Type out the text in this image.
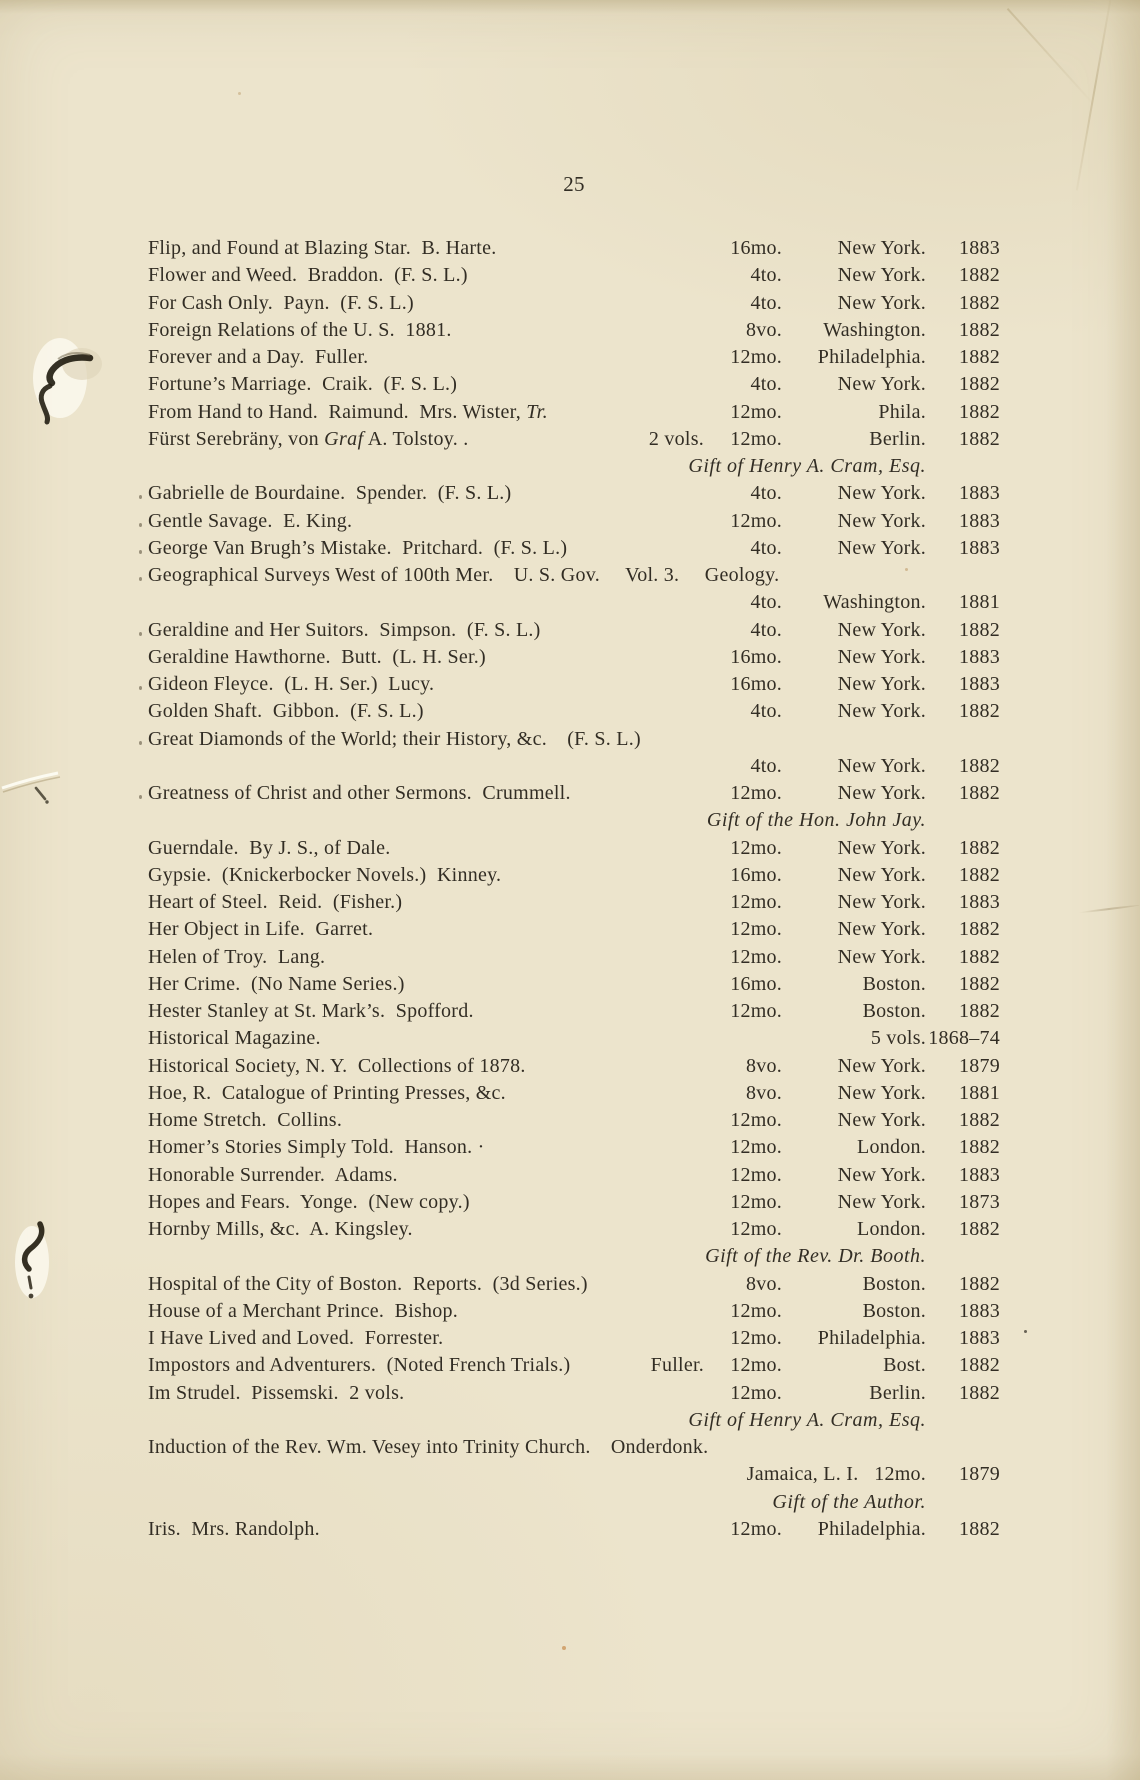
25
Flip, and Found at Blazing Star.  B. Harte.	16mo.	New York.	1883
Flower and Weed.  Braddon.  (F. S. L.)	4to.	New York.	1882
For Cash Only.  Payn.  (F. S. L.)	4to.	New York.	1882
Foreign Relations of the U. S.  1881.	8vo.	Washington.	1882
Forever and a Day.  Fuller.	12mo.	Philadelphia.	1882
Fortune’s Marriage.  Craik.  (F. S. L.)	4to.	New York.	1882
From Hand to Hand.  Raimund.  Mrs. Wister, Tr.	12mo.	Phila.	1882
Fürst Serebräny, von Graf A. Tolstoy. .	2 vols.	12mo.	Berlin.	1882
Gift of Henry A. Cram, Esq.
Gabrielle de Bourdaine.  Spender.  (F. S. L.)	4to.	New York.	1883
Gentle Savage.  E. King.	12mo.	New York.	1883
George Van Brugh’s Mistake.  Pritchard.  (F. S. L.)	4to.	New York.	1883
Geographical Surveys West of 100th Mer. U. S. Gov.  Vol. 3.  Geology.
4to.	Washington.	1881
Geraldine and Her Suitors.  Simpson.  (F. S. L.)	4to.	New York.	1882
Geraldine Hawthorne.  Butt.  (L. H. Ser.)	16mo.	New York.	1883
Gideon Fleyce.  (L. H. Ser.)  Lucy.	16mo.	New York.	1883
Golden Shaft.  Gibbon.  (F. S. L.)	4to.	New York.	1882
Great Diamonds of the World; their History, &c. (F. S. L.)
4to.	New York.	1882
Greatness of Christ and other Sermons.  Crummell.	12mo.	New York.	1882
Gift of the Hon. John Jay.
Guerndale.  By J. S., of Dale.	12mo.	New York.	1882
Gypsie.  (Knickerbocker Novels.)  Kinney.	16mo.	New York.	1882
Heart of Steel.  Reid.  (Fisher.)	12mo.	New York.	1883
Her Object in Life.  Garret.	12mo.	New York.	1882
Helen of Troy.  Lang.	12mo.	New York.	1882
Her Crime.  (No Name Series.)	16mo.	Boston.	1882
Hester Stanley at St. Mark’s.  Spofford.	12mo.	Boston.	1882
Historical Magazine.	5 vols. 1868–74
Historical Society, N. Y.  Collections of 1878.	8vo.	New York.	1879
Hoe, R.  Catalogue of Printing Presses, &c.	8vo.	New York.	1881
Home Stretch.  Collins.	12mo.	New York.	1882
Homer’s Stories Simply Told.  Hanson. ·	12mo.	London.	1882
Honorable Surrender.  Adams.	12mo.	New York.	1883
Hopes and Fears.  Yonge.  (New copy.)	12mo.	New York.	1873
Hornby Mills, &c.  A. Kingsley.	12mo.	London.	1882
Gift of the Rev. Dr. Booth.
Hospital of the City of Boston.  Reports.  (3d Series.)	8vo.	Boston.	1882
House of a Merchant Prince.  Bishop.	12mo.	Boston.	1883
I Have Lived and Loved.  Forrester.	12mo.	Philadelphia.	1883
Impostors and Adventurers.  (Noted French Trials.)	Fuller.	12mo.	Bost.	1882
Im Strudel.  Pissemski.  2 vols.	12mo.	Berlin.	1882
Gift of Henry A. Cram, Esq.
Induction of the Rev. Wm. Vesey into Trinity Church. Onderdonk.
Jamaica, L. I.   12mo.	1879
Gift of the Author.
Iris.  Mrs. Randolph.	12mo.	Philadelphia.	1882
